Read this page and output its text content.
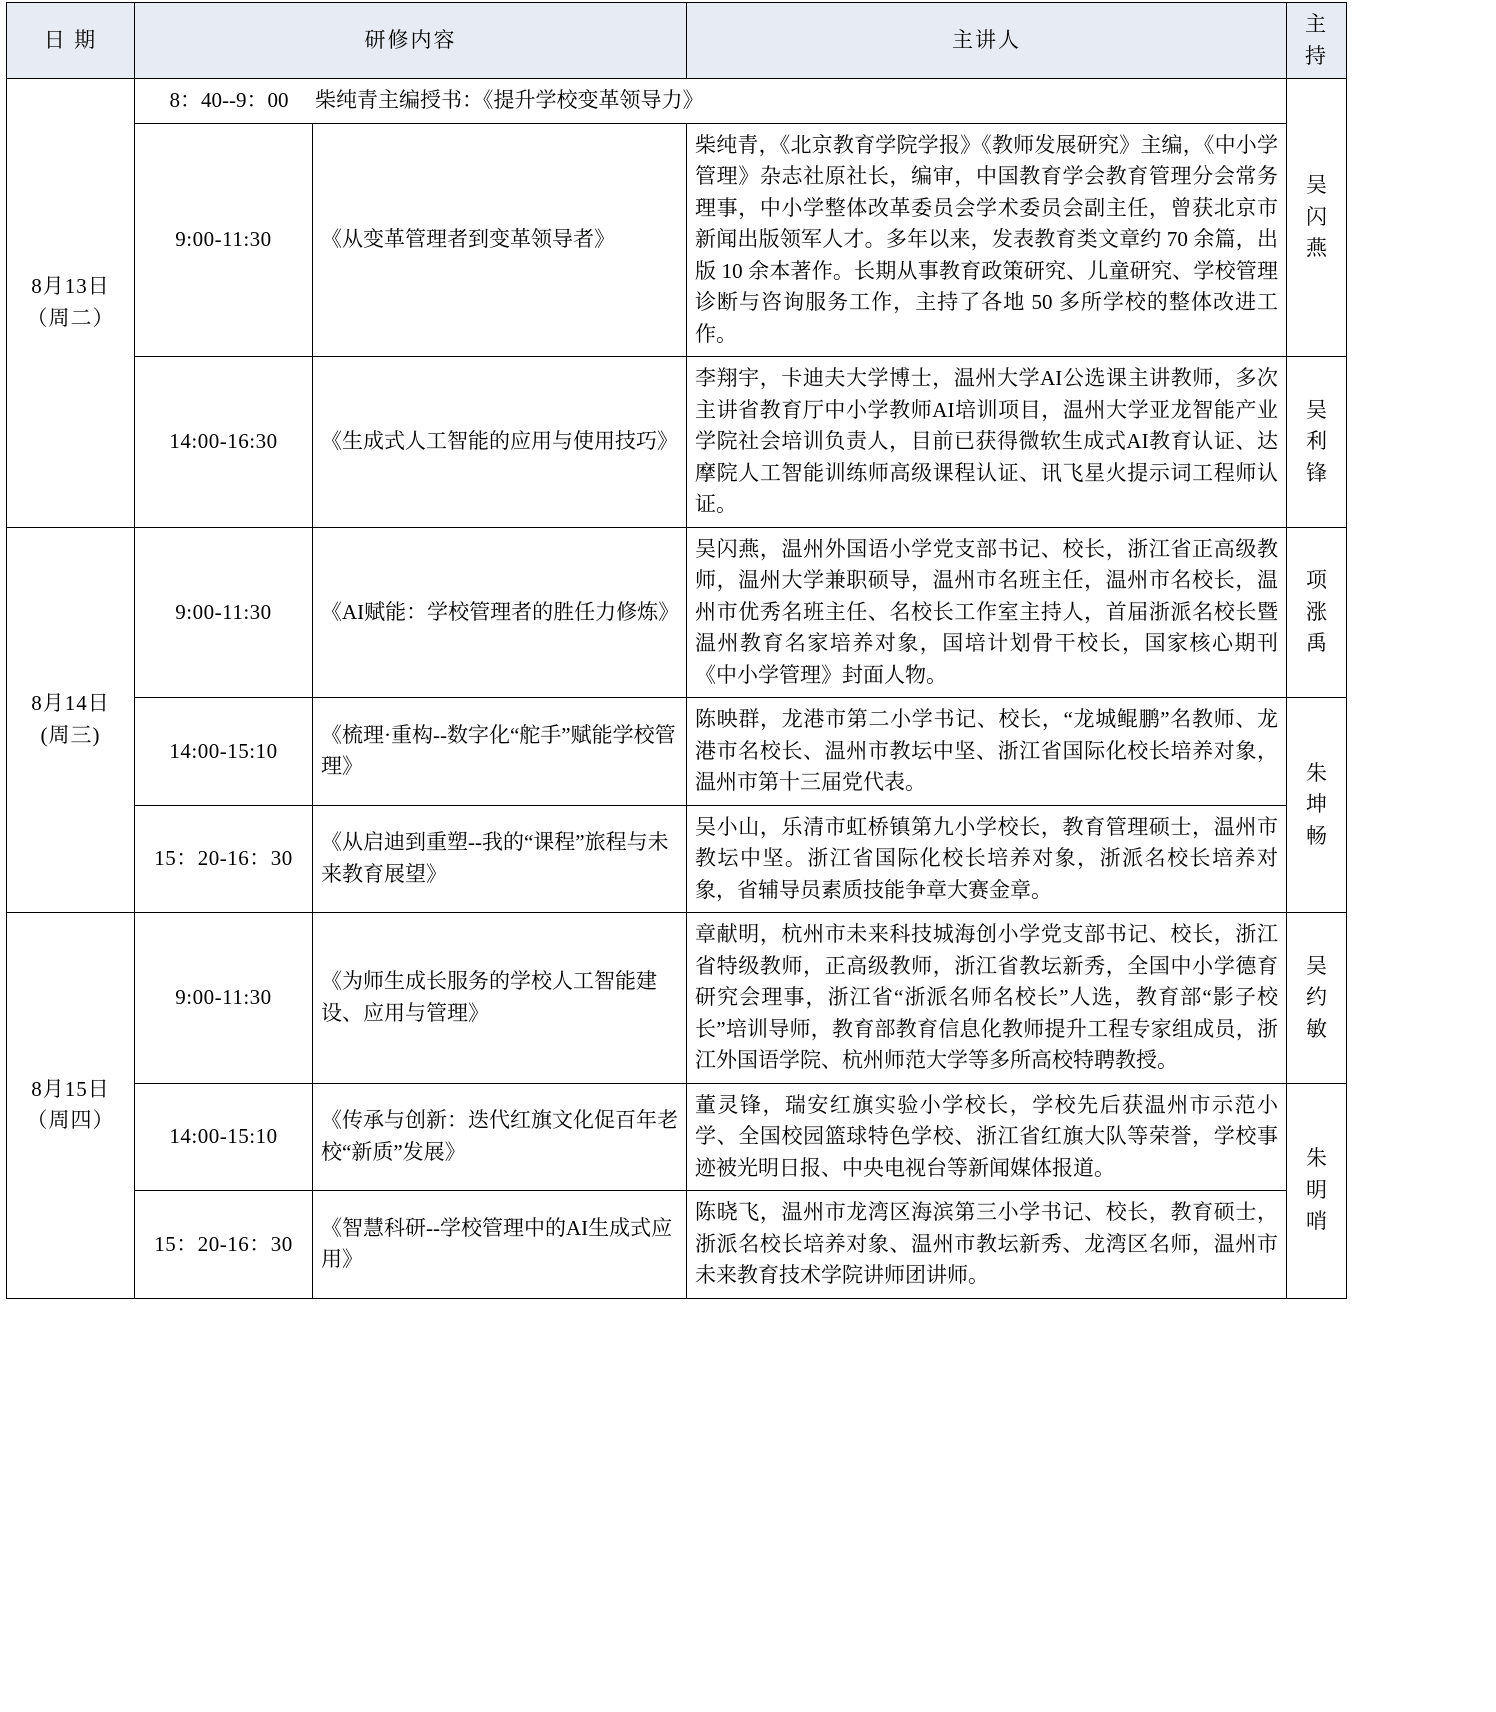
日 期	研修内容		主讲人	主持

8月13日
（周二）	8：40--9：00 柴纯青主编授书：《提升学校变革领导力》			吴闪燕
	9:00-11:30	《从变革管理者到变革领导者》	柴纯青，《北京教育学院学报》《教师发展研究》主编，《中小学管理》杂志社原社长，编审，中国教育学会教育管理分会常务理事，中小学整体改革委员会学术委员会副主任，曾获北京市新闻出版领军人才。多年以来，发表教育类文章约 70 余篇，出版 10 余本著作。长期从事教育政策研究、儿童研究、学校管理诊断与咨询服务工作，主持了各地 50 多所学校的整体改进工作。	
	14:00-16:30	《生成式人工智能的应用与使用技巧》	李翔宇，卡迪夫大学博士，温州大学AI公选课主讲教师，多次主讲省教育厅中小学教师AI培训项目，温州大学亚龙智能产业学院社会培训负责人，目前已获得微软生成式AI教育认证、达摩院人工智能训练师高级课程认证、讯飞星火提示词工程师认证。	吴利锋

8月14日
(周三)	9:00-11:30	《AI赋能：学校管理者的胜任力修炼》	吴闪燕，温州外国语小学党支部书记、校长，浙江省正高级教师，温州大学兼职硕导，温州市名班主任，温州市名校长，温州市优秀名班主任、名校长工作室主持人，首届浙派名校长暨温州教育名家培养对象，国培计划骨干校长，国家核心期刊《中小学管理》封面人物。	项涨禹
	14:00-15:10	《梳理·重构--数字化“舵手”赋能学校管理》	陈映群，龙港市第二小学书记、校长，“龙城鲲鹏”名教师、龙港市名校长、温州市教坛中坚、浙江省国际化校长培养对象，温州市第十三届党代表。	朱坤畅
	15：20-16：30	《从启迪到重塑--我的“课程”旅程与未来教育展望》	吴小山，乐清市虹桥镇第九小学校长，教育管理硕士，温州市教坛中坚。浙江省国际化校长培养对象，浙派名校长培养对象，省辅导员素质技能争章大赛金章。	

8月15日
（周四）	9:00-11:30	《为师生成长服务的学校人工智能建设、应用与管理》	章献明，杭州市未来科技城海创小学党支部书记、校长，浙江省特级教师，正高级教师，浙江省教坛新秀，全国中小学德育研究会理事，浙江省“浙派名师名校长”人选，教育部“影子校长”培训导师，教育部教育信息化教师提升工程专家组成员，浙江外国语学院、杭州师范大学等多所高校特聘教授。	吴约敏
	14:00-15:10	《传承与创新：迭代红旗文化促百年老校“新质”发展》	董灵锋，瑞安红旗实验小学校长，学校先后获温州市示范小学、全国校园篮球特色学校、浙江省红旗大队等荣誉，学校事迹被光明日报、中央电视台等新闻媒体报道。	朱明哨
	15：20-16：30	《智慧科研--学校管理中的AI生成式应用》	陈晓飞，温州市龙湾区海滨第三小学书记、校长，教育硕士，浙派名校长培养对象、温州市教坛新秀、龙湾区名师，温州市未来教育技术学院讲师团讲师。	
